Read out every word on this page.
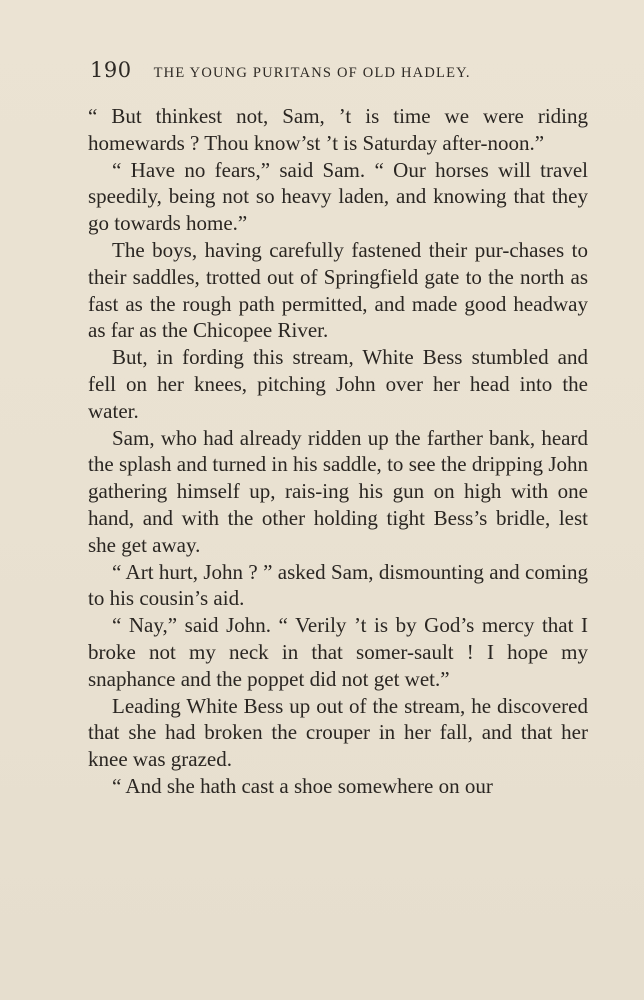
190 THE YOUNG PURITANS OF OLD HADLEY.

“ But thinkest not, Sam, ’t is time we were riding homewards ? Thou know’st ’t is Saturday after-noon.”

“ Have no fears,” said Sam. “ Our horses will travel speedily, being not so heavy laden, and knowing that they go towards home.”

The boys, having carefully fastened their pur-chases to their saddles, trotted out of Springfield gate to the north as fast as the rough path permitted, and made good headway as far as the Chicopee River.

But, in fording this stream, White Bess stumbled and fell on her knees, pitching John over her head into the water.

Sam, who had already ridden up the farther bank, heard the splash and turned in his saddle, to see the dripping John gathering himself up, rais-ing his gun on high with one hand, and with the other holding tight Bess’s bridle, lest she get away.

“ Art hurt, John ? ” asked Sam, dismounting and coming to his cousin’s aid.

“ Nay,” said John. “ Verily ’t is by God’s mercy that I broke not my neck in that somer-sault ! I hope my snaphance and the poppet did not get wet.”

Leading White Bess up out of the stream, he discovered that she had broken the crouper in her fall, and that her knee was grazed.

“ And she hath cast a shoe somewhere on our
